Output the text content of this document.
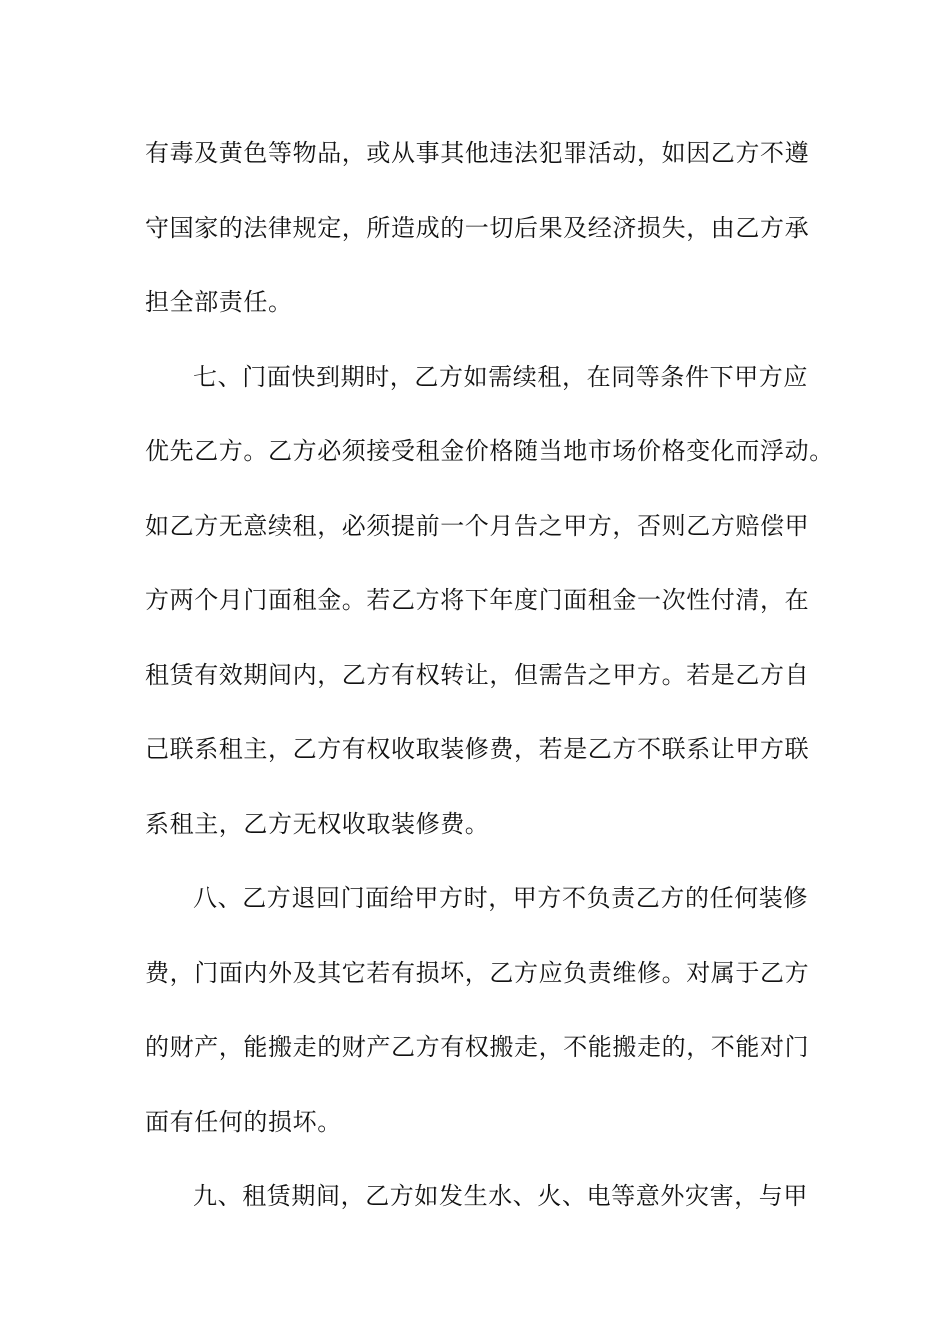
有毒及黄色等物品，或从事其他违法犯罪活动，如因乙方不遵
守国家的法律规定，所造成的一切后果及经济损失，由乙方承
担全部责任。
七、门面快到期时，乙方如需续租，在同等条件下甲方应
优先乙方。乙方必须接受租金价格随当地市场价格变化而浮动。
如乙方无意续租，必须提前一个月告之甲方，否则乙方赔偿甲
方两个月门面租金。若乙方将下年度门面租金一次性付清，在
租赁有效期间内，乙方有权转让，但需告之甲方。若是乙方自
己联系租主，乙方有权收取装修费，若是乙方不联系让甲方联
系租主，乙方无权收取装修费。
八、乙方退回门面给甲方时，甲方不负责乙方的任何装修
费，门面内外及其它若有损坏，乙方应负责维修。对属于乙方
的财产，能搬走的财产乙方有权搬走，不能搬走的，不能对门
面有任何的损坏。
九、租赁期间，乙方如发生水、火、电等意外灾害，与甲
